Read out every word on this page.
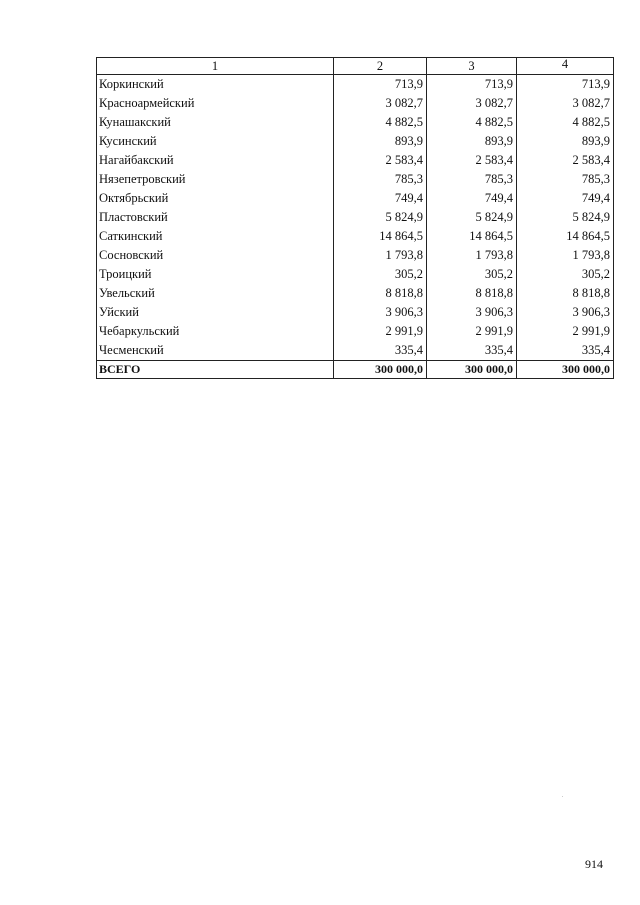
1	2	3	4
Коркинский	713,9	713,9	713,9
Красноармейский	3 082,7	3 082,7	3 082,7
Кунашакский	4 882,5	4 882,5	4 882,5
Кусинский	893,9	893,9	893,9
Нагайбакский	2 583,4	2 583,4	2 583,4
Нязепетровский	785,3	785,3	785,3
Октябрьский	749,4	749,4	749,4
Пластовский	5 824,9	5 824,9	5 824,9
Саткинский	14 864,5	14 864,5	14 864,5
Сосновский	1 793,8	1 793,8	1 793,8
Троицкий	305,2	305,2	305,2
Увельский	8 818,8	8 818,8	8 818,8
Уйский	3 906,3	3 906,3	3 906,3
Чебаркульский	2 991,9	2 991,9	2 991,9
Чесменский	335,4	335,4	335,4
ВСЕГО	300 000,0	300 000,0	300 000,0
914
